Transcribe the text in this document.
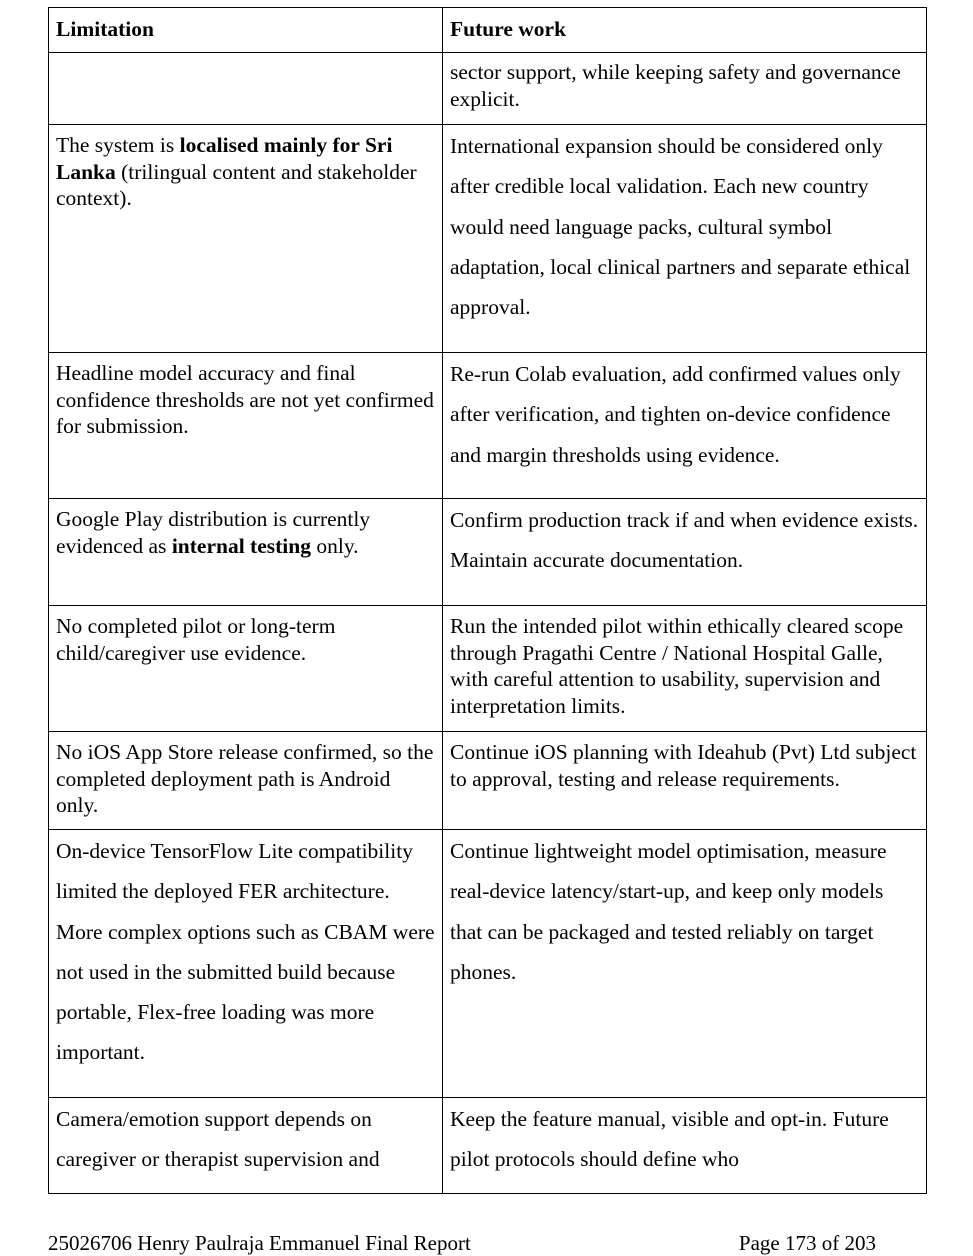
Limitation	Future work
	sector support, while keeping safety and governance explicit.
The system is localised mainly for Sri Lanka (trilingual content and stakeholder context).	International expansion should be considered only after credible local validation. Each new country would need language packs, cultural symbol adaptation, local clinical partners and separate ethical approval.
Headline model accuracy and final confidence thresholds are not yet confirmed for submission.	Re-run Colab evaluation, add confirmed values only after verification, and tighten on-device confidence and margin thresholds using evidence.
Google Play distribution is currently evidenced as internal testing only.	Confirm production track if and when evidence exists. Maintain accurate documentation.
No completed pilot or long-term child/caregiver use evidence.	Run the intended pilot within ethically cleared scope through Pragathi Centre / National Hospital Galle, with careful attention to usability, supervision and interpretation limits.
No iOS App Store release confirmed, so the completed deployment path is Android only.	Continue iOS planning with Ideahub (Pvt) Ltd subject to approval, testing and release requirements.
On-device TensorFlow Lite compatibility limited the deployed FER architecture. More complex options such as CBAM were not used in the submitted build because portable, Flex-free loading was more important.	Continue lightweight model optimisation, measure real-device latency/start-up, and keep only models that can be packaged and tested reliably on target phones.
Camera/emotion support depends on caregiver or therapist supervision and	Keep the feature manual, visible and opt-in. Future pilot protocols should define who
25026706 Henry Paulraja Emmanuel Final Report	Page 173 of 203
